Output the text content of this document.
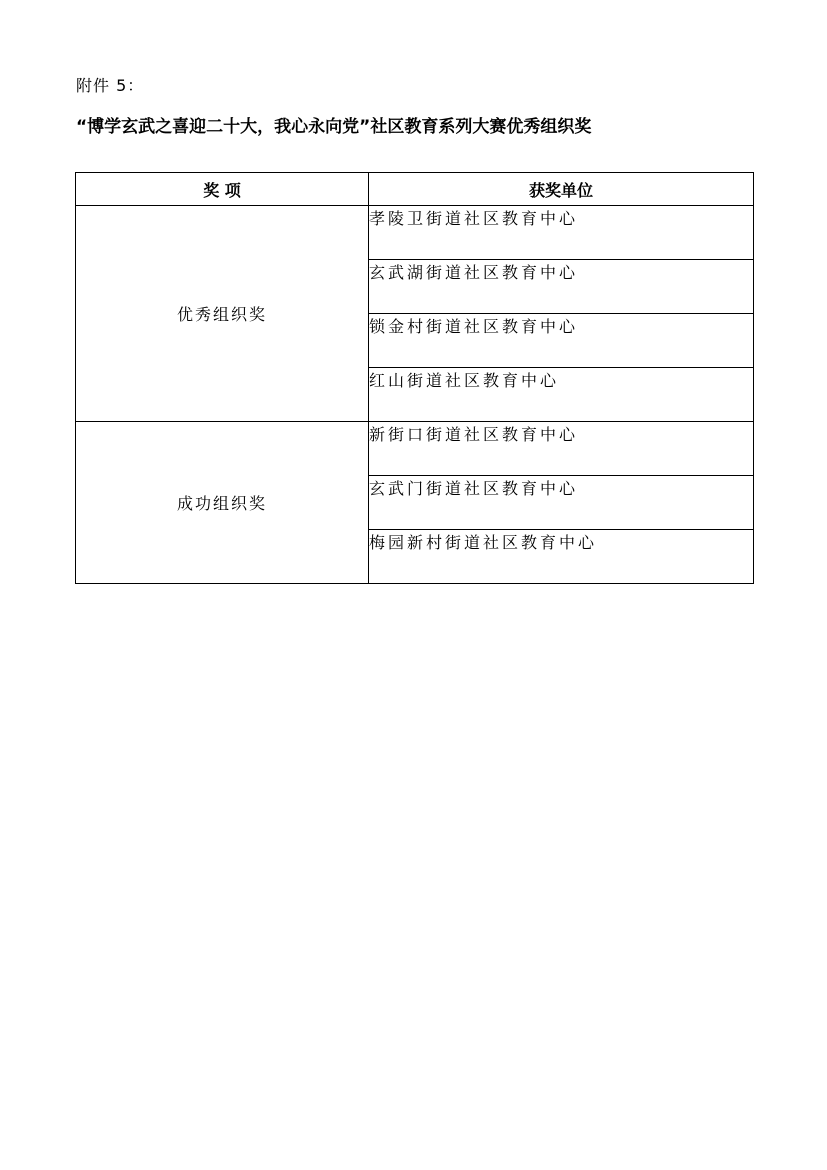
附件 5：
“博学玄武之喜迎二十大，我心永向党”社区教育系列大赛优秀组织奖
奖 项	获奖单位
优秀组织奖	孝陵卫街道社区教育中心
	玄武湖街道社区教育中心
	锁金村街道社区教育中心
	红山街道社区教育中心
成功组织奖	新街口街道社区教育中心
	玄武门街道社区教育中心
	梅园新村街道社区教育中心
